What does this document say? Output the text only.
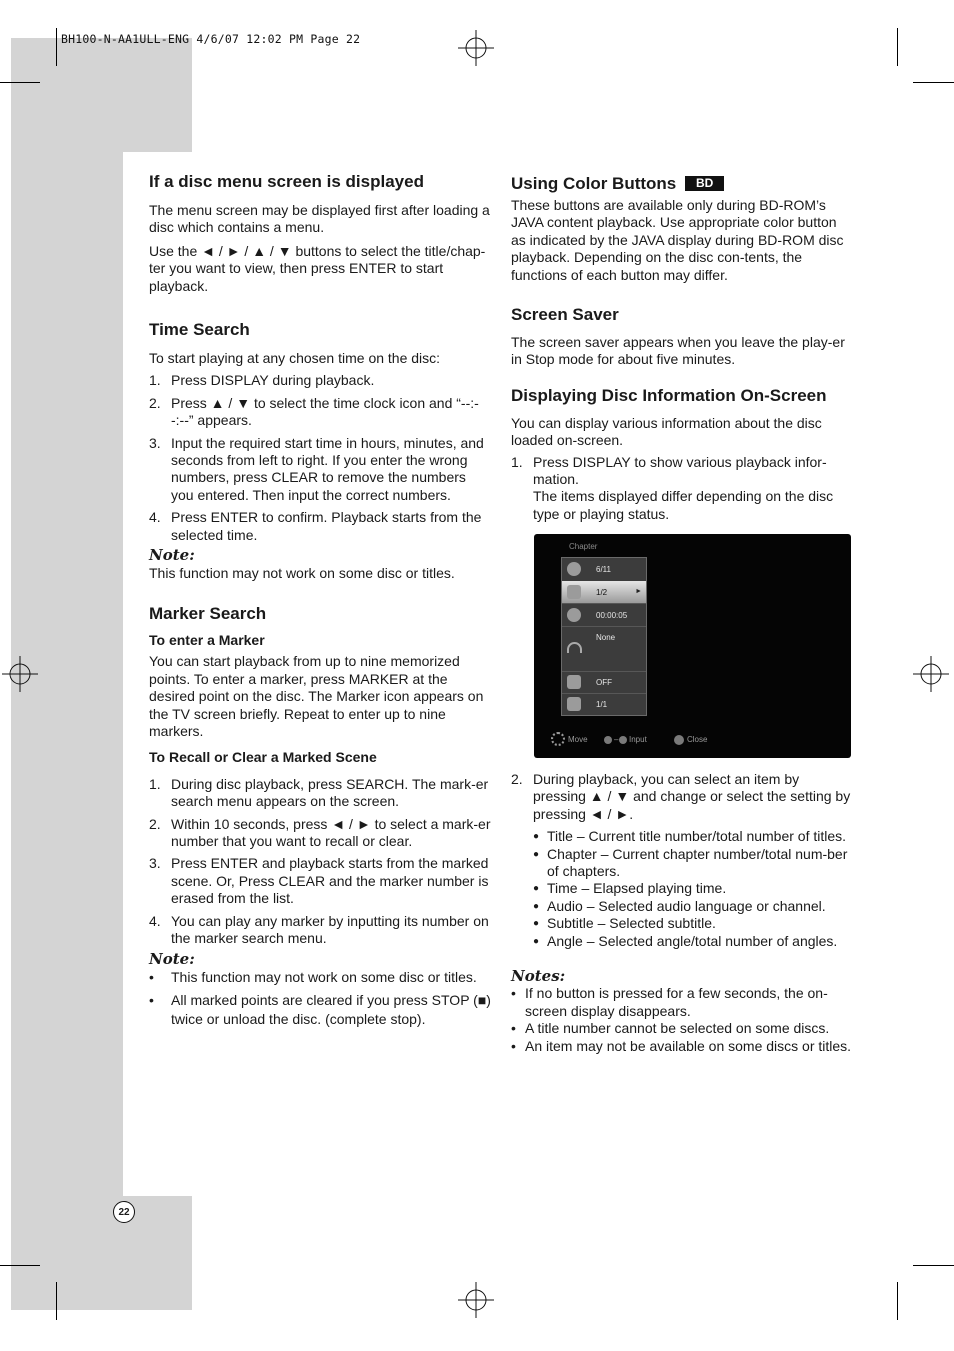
BH100-N-AA1ULL-ENG 4/6/07 12:02 PM Page 22
If a disc menu screen is displayed

The menu screen may be displayed first after loading a disc which contains a menu.

Use the ◄ / ► / ▲ / ▼ buttons to select the title/chap-ter you want to view, then press ENTER to start playback.

Time Search

To start playing at any chosen time on the disc:

1. Press DISPLAY during playback.
2. Press ▲ / ▼ to select the time clock icon and “--:--:--” appears.
3. Input the required start time in hours, minutes, and seconds from left to right. If you enter the wrong numbers, press CLEAR to remove the numbers you entered. Then input the correct numbers.
4. Press ENTER to confirm. Playback starts from the selected time.
Note:

This function may not work on some disc or titles.

Marker Search
To enter a Marker

You can start playback from up to nine memorized points. To enter a marker, press MARKER at the desired point on the disc. The Marker icon appears on the TV screen briefly. Repeat to enter up to nine markers.

To Recall or Clear a Marked Scene
1. During disc playback, press SEARCH. The mark-er search menu appears on the screen.
2. Within 10 seconds, press ◄ / ► to select a mark-er number that you want to recall or clear.
3. Press ENTER and playback starts from the marked scene. Or, Press CLEAR and the marker number is erased from the list.
4. You can play any marker by inputting its number on the marker search menu.
Note:
•	This function may not work on some disc or titles.
•	All marked points are cleared if you press STOP (■) twice or unload the disc. (complete stop).
Using Color Buttons BD

These buttons are available only during BD-ROM’s JAVA content playback. Use appropriate color button as indicated by the JAVA display during BD-ROM disc playback. Depending on the disc con-tents, the functions of each button may differ.

Screen Saver

The screen saver appears when you leave the play-er in Stop mode for about five minutes.

Displaying Disc Information On-Screen

You can display various information about the disc loaded on-screen.

1. Press DISPLAY to show various playback infor-mation.
The items displayed differ depending on the disc type or playing status.
Chapter
6/11
1/2	►
00:00:05
None
OFF
1/1
Move	– Input	Close
2. During playback, you can select an item by pressing ▲ / ▼ and change or select the setting by pressing ◄ / ►.
● Title – Current title number/total number of titles.
● Chapter – Current chapter number/total num-ber of chapters.
● Time – Elapsed playing time.
● Audio – Selected audio language or channel.
● Subtitle – Selected subtitle.
● Angle – Selected angle/total number of angles.
Notes:
• If no button is pressed for a few seconds, the on-screen display disappears.
• A title number cannot be selected on some discs.
• An item may not be available on some discs or titles.
22
